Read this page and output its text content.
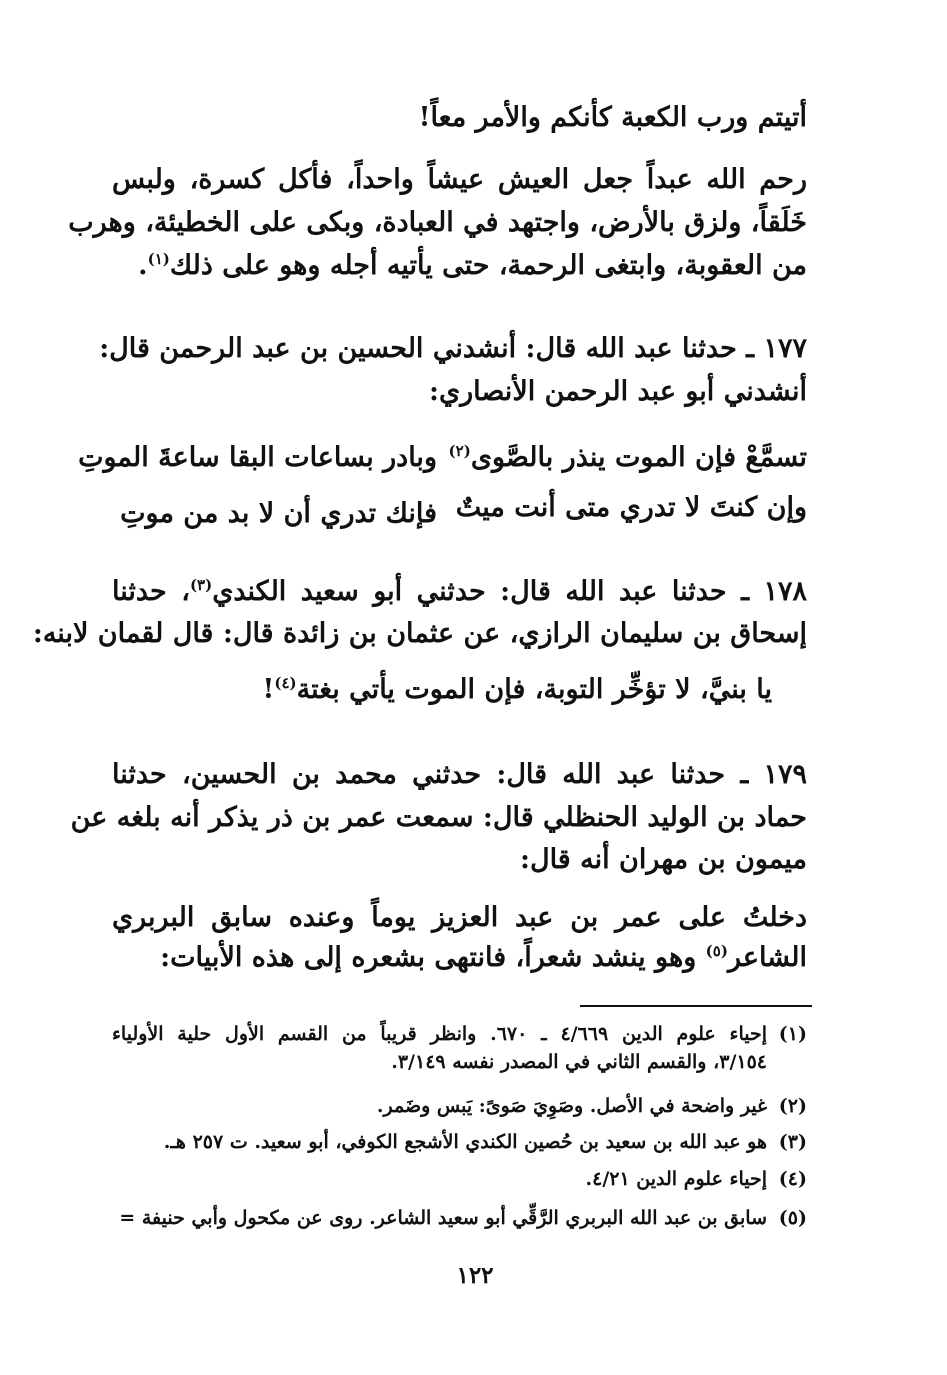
أتيتم ورب الكعبة كأنكم والأمر معاً!
رحم الله عبداً جعل العيش عيشاً واحداً، فأكل كسرة، ولبس
خَلَقاً، ولزق بالأرض، واجتهد في العبادة، وبكى على الخطيئة، وهرب
من العقوبة، وابتغى الرحمة، حتى يأتيه أجله وهو على ذلك$^{(١)}$.
١٧٧ ـ حدثنا عبد الله قال: أنشدني الحسين بن عبد الرحمن قال:
أنشدني أبو عبد الرحمن الأنصاري:
تسمَّعْ فإن الموت ينذر بالصَّوى$^{(٢)}$
وبادر بساعات البقا ساعةَ الموتِ
وإن كنتَ لا تدري متى أنت ميتٌ
فإنك تدري أن لا بد من موتِ
١٧٨ ـ حدثنا عبد الله قال: حدثني أبو سعيد الكندي$^{(٣)}$، حدثنا
إسحاق بن سليمان الرازي، عن عثمان بن زائدة قال: قال لقمان لابنه:
يا بنيَّ، لا تؤخِّر التوبة، فإن الموت يأتي بغتة$^{(٤)}$!
١٧٩ ـ حدثنا عبد الله قال: حدثني محمد بن الحسين، حدثنا
حماد بن الوليد الحنظلي قال: سمعت عمر بن ذر يذكر أنه بلغه عن
ميمون بن مهران أنه قال:
دخلتُ على عمر بن عبد العزيز يوماً وعنده سابق البربري
الشاعر$^{(٥)}$ وهو ينشد شعراً، فانتهى بشعره إلى هذه الأبيات:
(١)
إحياء علوم الدين ٤/٦٦٩ ـ ٦٧٠. وانظر قريباً من القسم الأول حلية الأولياء
٣/١٥٤، والقسم الثاني في المصدر نفسه ٣/١٤٩.
(٢)
غير واضحة في الأصل. وصَوِيَ صَوىً: يَبس وضَمر.
(٣)
هو عبد الله بن سعيد بن حُصين الكندي الأشجع الكوفي، أبو سعيد. ت ٢٥٧ هـ.
(٤)
إحياء علوم الدين ٤/٢١.
(٥)
سابق بن عبد الله البربري الرَّقِّي أبو سعيد الشاعر. روى عن مكحول وأبي حنيفة =
١٢٢
